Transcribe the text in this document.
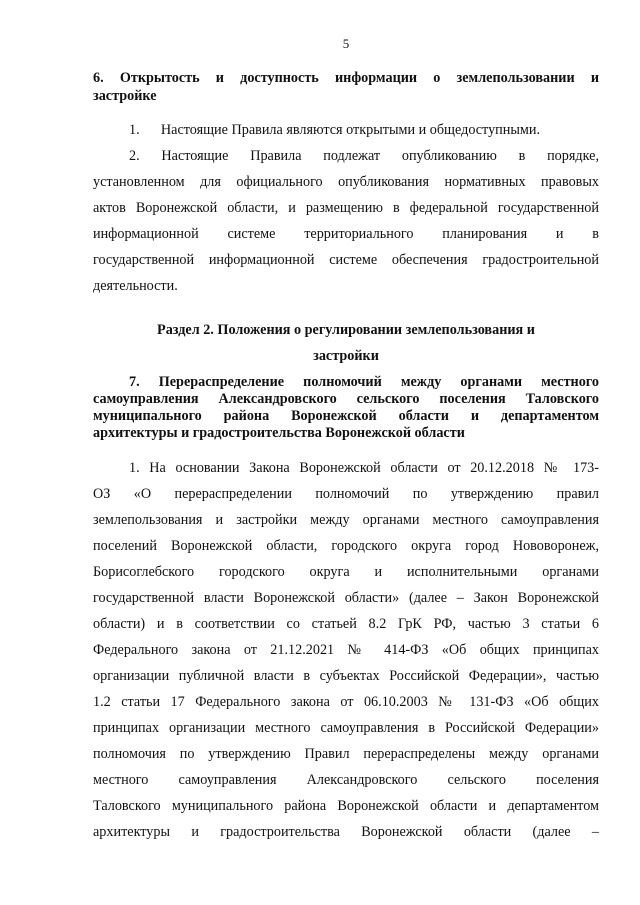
5
6. Открытость и доступность информации о землепользовании и
застройке
1.      Настоящие Правила являются открытыми и общедоступными.
2. Настоящие Правила подлежат опубликованию в порядке,
установленном для официального опубликования нормативных правовых
актов Воронежской области, и размещению в федеральной государственной
информационной системе территориального планирования и в
государственной информационной системе обеспечения градостроительной
деятельности.
Раздел 2. Положения о регулировании землепользования и
застройки
7. Перераспределение полномочий между органами местного
самоуправления Александровского сельского поселения Таловского
муниципального района Воронежской области и департаментом
архитектуры и градостроительства Воронежской области
1. На основании Закона Воронежской области от 20.12.2018 № 173-
ОЗ «О перераспределении полномочий по утверждению правил
землепользования и застройки между органами местного самоуправления
поселений Воронежской области, городского округа город Нововоронеж,
Борисоглебского городского округа и исполнительными органами
государственной власти Воронежской области» (далее – Закон Воронежской
области) и в соответствии со статьей 8.2 ГрК РФ, частью 3 статьи 6
Федерального закона от 21.12.2021 № 414-ФЗ «Об общих принципах
организации публичной власти в субъектах Российской Федерации», частью
1.2 статьи 17 Федерального закона от 06.10.2003 № 131-ФЗ «Об общих
принципах организации местного самоуправления в Российской Федерации»
полномочия по утверждению Правил перераспределены между органами
местного самоуправления Александровского сельского поселения
Таловского муниципального района Воронежской области и департаментом
архитектуры и градостроительства Воронежской области (далее –
